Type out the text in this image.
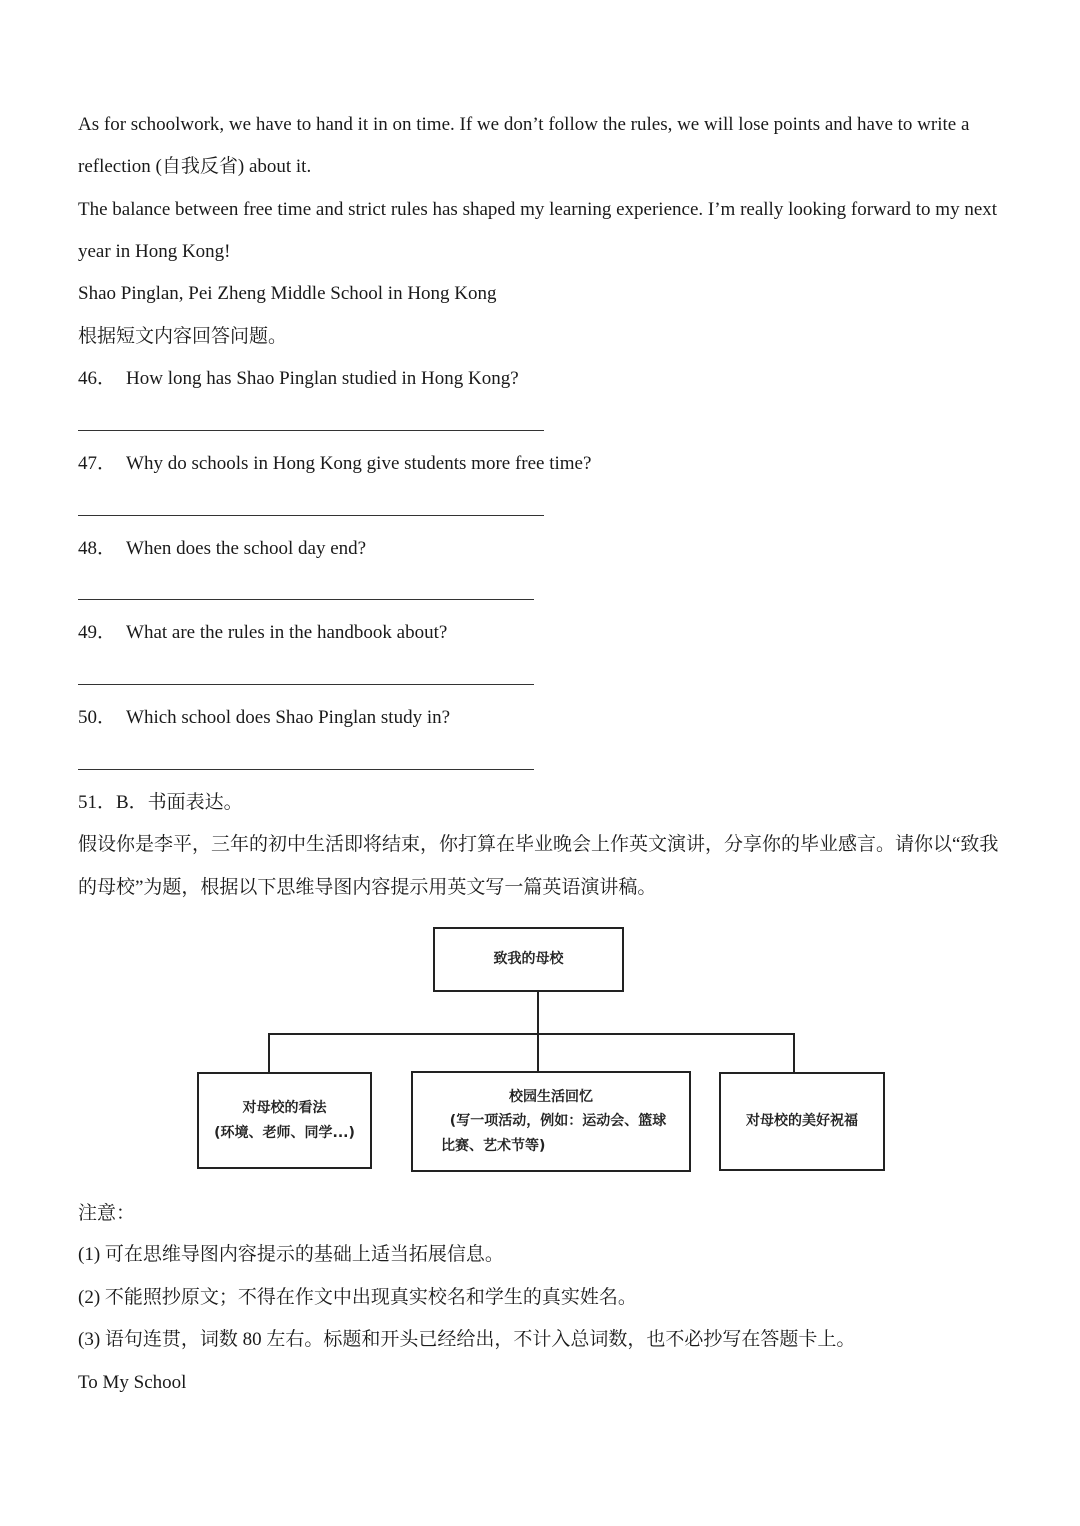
As for schoolwork, we have to hand it in on time. If we don’t follow the rules, we will lose points and have to write a
reflection (自我反省) about it.
The balance between free time and strict rules has shaped my learning experience. I’m really looking forward to my next
year in Hong Kong!
Shao Pinglan, Pei Zheng Middle School in Hong Kong
根据短文内容回答问题。
46． How long has Shao Pinglan studied in Hong Kong?
47． Why do schools in Hong Kong give students more free time?
48． When does the school day end?
49． What are the rules in the handbook about?
50． Which school does Shao Pinglan study in?
51．B．书面表达。
假设你是李平，三年的初中生活即将结束，你打算在毕业晚会上作英文演讲，分享你的毕业感言。请你以“致我
的母校”为题，根据以下思维导图内容提示用英文写一篇英语演讲稿。
致我的母校
对母校的看法
(环境、老师、同学...)
校园生活回忆
(写一项活动，例如：运动会、篮球
比赛、艺术节等)
对母校的美好祝福
注意：
(1) 可在思维导图内容提示的基础上适当拓展信息。
(2) 不能照抄原文；不得在作文中出现真实校名和学生的真实姓名。
(3) 语句连贯，词数 80 左右。标题和开头已经给出，不计入总词数，也不必抄写在答题卡上。
To My School
